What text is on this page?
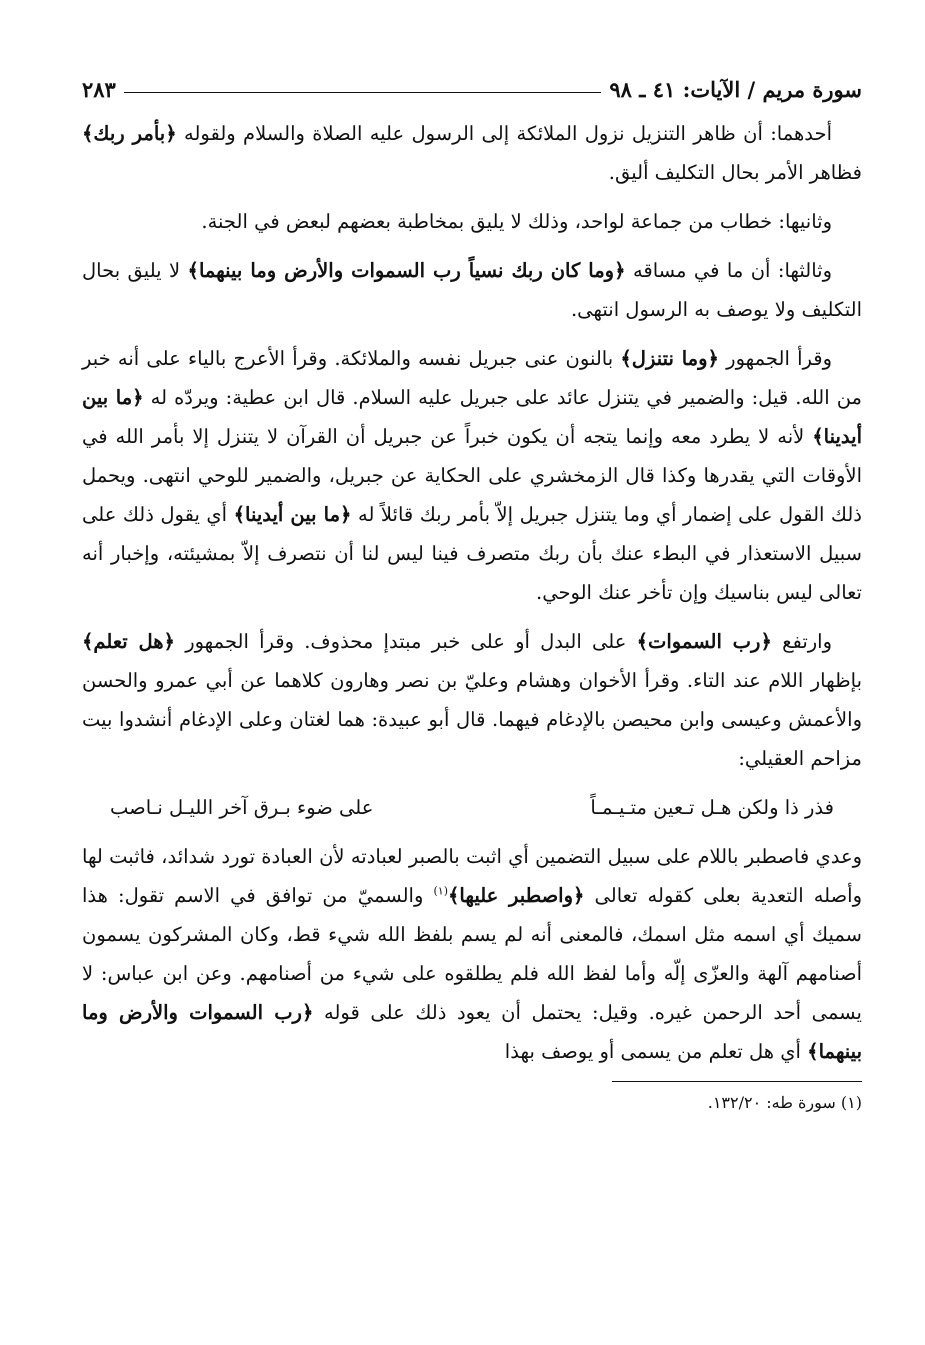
سورة مريم / الآيات: ٤١ ـ ٩٨
٢٨٣

أحدهما: أن ظاهر التنزيل نزول الملائكة إلى الرسول عليه الصلاة والسلام ولقوله ﴿بأمر ربك﴾ فظاهر الأمر بحال التكليف أليق.

وثانيها: خطاب من جماعة لواحد، وذلك لا يليق بمخاطبة بعضهم لبعض في الجنة.

وثالثها: أن ما في مساقه ﴿وما كان ربك نسياً رب السموات والأرض وما بينهما﴾ لا يليق بحال التكليف ولا يوصف به الرسول انتهى.

وقرأ الجمهور ﴿وما نتنزل﴾ بالنون عنى جبريل نفسه والملائكة. وقرأ الأعرج بالياء على أنه خبر من الله. قيل: والضمير في يتنزل عائد على جبريل عليه السلام. قال ابن عطية: ويردّه له ﴿ما بين أيدينا﴾ لأنه لا يطرد معه وإنما يتجه أن يكون خبراً عن جبريل أن القرآن لا يتنزل إلا بأمر الله في الأوقات التي يقدرها وكذا قال الزمخشري على الحكاية عن جبريل، والضمير للوحي انتهى. ويحمل ذلك القول على إضمار أي وما يتنزل جبريل إلاّ بأمر ربك قائلاً له ﴿ما بين أيدينا﴾ أي يقول ذلك على سبيل الاستعذار في البطء عنك بأن ربك متصرف فينا ليس لنا أن نتصرف إلاّ بمشيئته، وإخبار أنه تعالى ليس بناسيك وإن تأخر عنك الوحي.

وارتفع ﴿رب السموات﴾ على البدل أو على خبر مبتدإ محذوف. وقرأ الجمهور ﴿هل تعلم﴾ بإظهار اللام عند التاء. وقرأ الأخوان وهشام وعليّ بن نصر وهارون كلاهما عن أبي عمرو والحسن والأعمش وعيسى وابن محيصن بالإدغام فيهما. قال أبو عبيدة: هما لغتان وعلى الإدغام أنشدوا بيت مزاحم العقيلي:

فذر ذا ولكن هـل تـعين متـيـمـاً
على ضوء بـرق آخر الليـل نـاصب

وعدي فاصطبر باللام على سبيل التضمين أي اثبت بالصبر لعبادته لأن العبادة تورد شدائد، فاثبت لها وأصله التعدية بعلى كقوله تعالى ﴿واصطبر عليها﴾$^{(١)}$ والسميّ من توافق في الاسم تقول: هذا سميك أي اسمه مثل اسمك، فالمعنى أنه لم يسم بلفظ الله شيء قط، وكان المشركون يسمون أصنامهم آلهة والعزّى إلّه وأما لفظ الله فلم يطلقوه على شيء من أصنامهم. وعن ابن عباس: لا يسمى أحد الرحمن غيره. وقيل: يحتمل أن يعود ذلك على قوله ﴿رب السموات والأرض وما بينهما﴾ أي هل تعلم من يسمى أو يوصف بهذا

(١) سورة طه: ١٣٢/٢٠.
